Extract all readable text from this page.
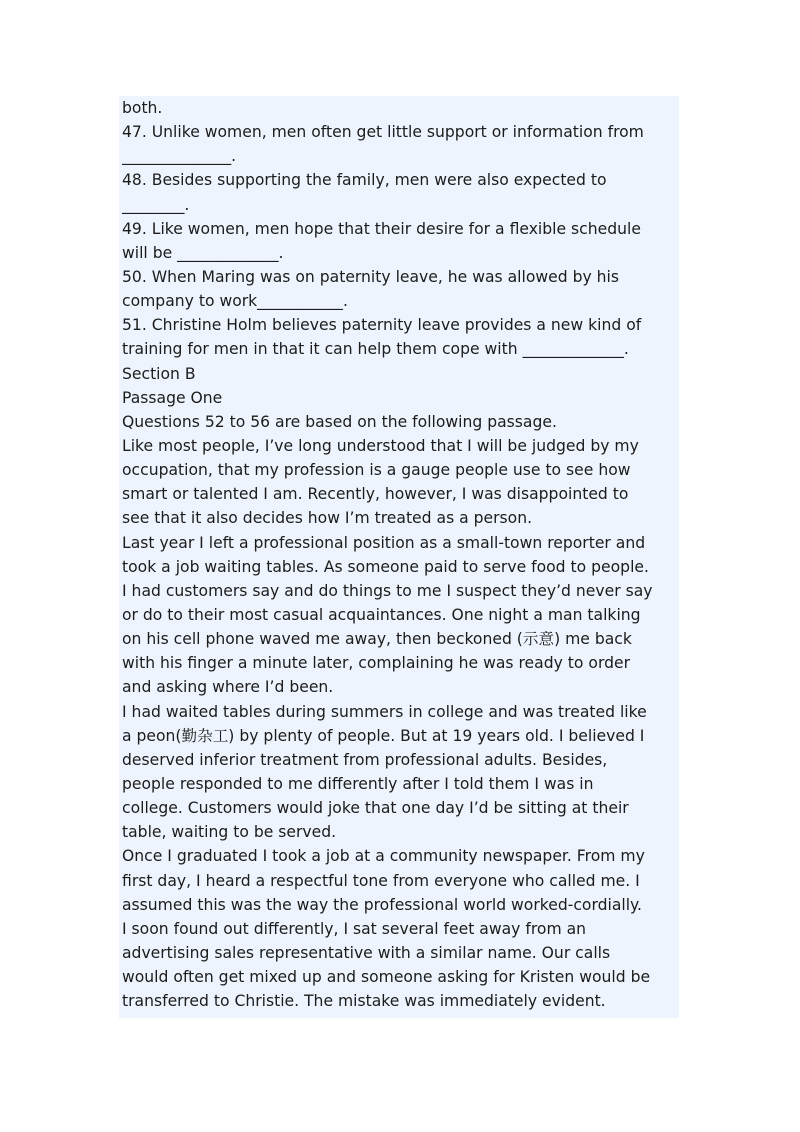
both.
47. Unlike women, men often get little support or information from
______________.
48. Besides supporting the family, men were also expected to
________.
49. Like women, men hope that their desire for a flexible schedule
will be _____________.
50. When Maring was on paternity leave, he was allowed by his
company to work___________.
51. Christine Holm believes paternity leave provides a new kind of
training for men in that it can help them cope with _____________.
Section B
Passage One
Questions 52 to 56 are based on the following passage.
Like most people, I’ve long understood that I will be judged by my
occupation, that my profession is a gauge people use to see how
smart or talented I am. Recently, however, I was disappointed to
see that it also decides how I’m treated as a person.
Last year I left a professional position as a small-town reporter and
took a job waiting tables. As someone paid to serve food to people.
I had customers say and do things to me I suspect they’d never say
or do to their most casual acquaintances. One night a man talking
on his cell phone waved me away, then beckoned (示意) me back
with his finger a minute later, complaining he was ready to order
and asking where I’d been.
I had waited tables during summers in college and was treated like
a peon(勤杂工) by plenty of people. But at 19 years old. I believed I
deserved inferior treatment from professional adults. Besides,
people responded to me differently after I told them I was in
college. Customers would joke that one day I’d be sitting at their
table, waiting to be served.
Once I graduated I took a job at a community newspaper. From my
first day, I heard a respectful tone from everyone who called me. I
assumed this was the way the professional world worked-cordially.
I soon found out differently, I sat several feet away from an
advertising sales representative with a similar name. Our calls
would often get mixed up and someone asking for Kristen would be
transferred to Christie. The mistake was immediately evident.
